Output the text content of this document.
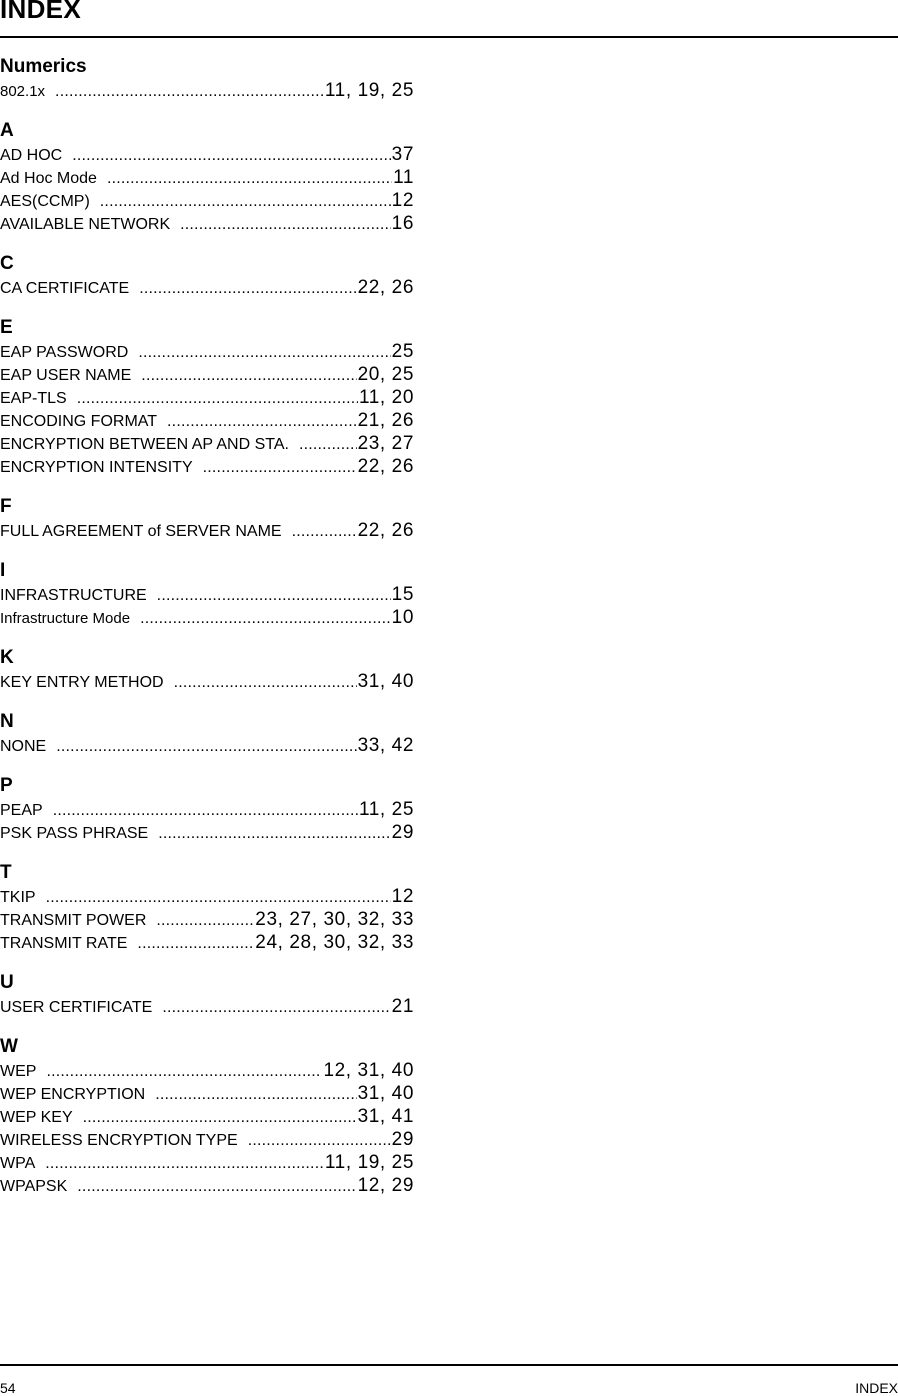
INDEX
Numerics
802.1x .....	11, 19, 25
A
AD HOC .....	37
Ad Hoc Mode .....	11
AES(CCMP) .....	12
AVAILABLE NETWORK .....	16
C
CA CERTIFICATE .....	22, 26
E
EAP PASSWORD .....	25
EAP USER NAME .....	20, 25
EAP-TLS .....	11, 20
ENCODING FORMAT .....	21, 26
ENCRYPTION BETWEEN AP AND STA. .....	23, 27
ENCRYPTION INTENSITY .....	22, 26
F
FULL AGREEMENT of SERVER NAME .....	22, 26
I
INFRASTRUCTURE .....	15
Infrastructure Mode .....	10
K
KEY ENTRY METHOD .....	31, 40
N
NONE .....	33, 42
P
PEAP .....	11, 25
PSK PASS PHRASE .....	29
T
TKIP .....	12
TRANSMIT POWER .....	23, 27, 30, 32, 33
TRANSMIT RATE .....	24, 28, 30, 32, 33
U
USER CERTIFICATE .....	21
W
WEP .....	12, 31, 40
WEP ENCRYPTION .....	31, 40
WEP KEY .....	31, 41
WIRELESS ENCRYPTION TYPE .....	29
WPA .....	11, 19, 25
WPAPSK .....	12, 29
54	INDEX
